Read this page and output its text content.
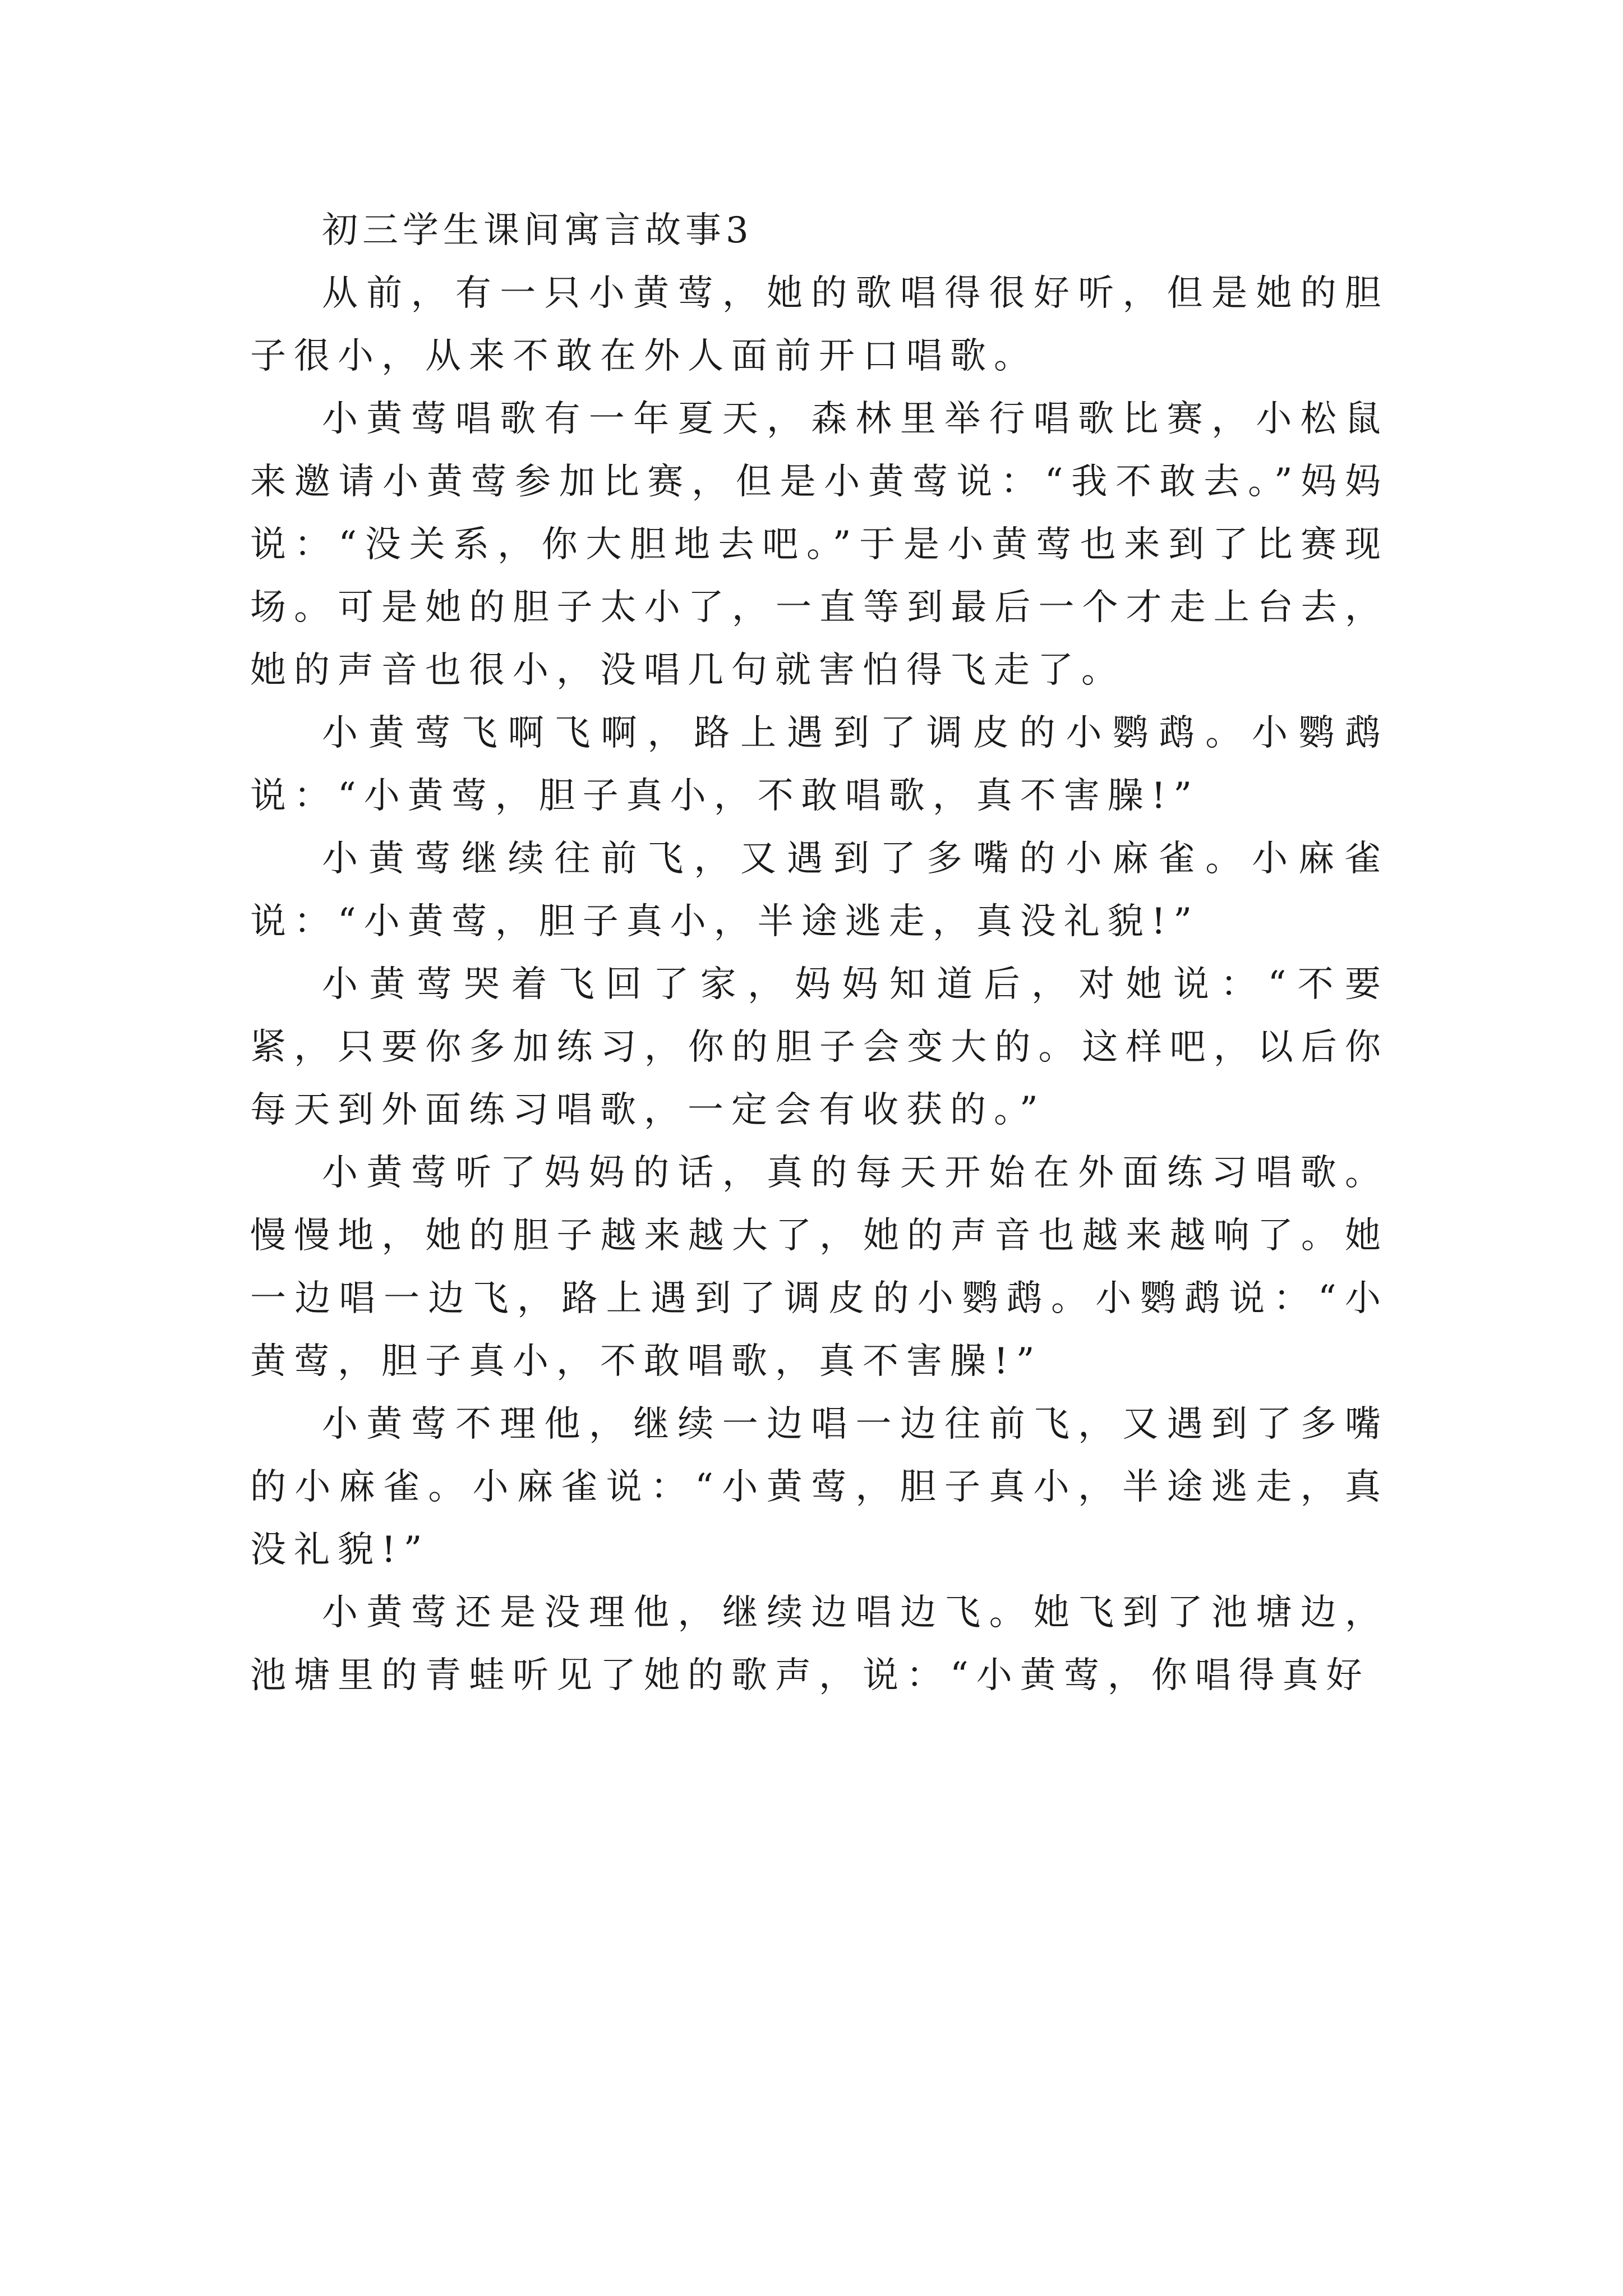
初三学生课间寓言故事3

从前，有一只小黄莺，她的歌唱得很好听，但是她的胆子很小，从来不敢在外人面前开口唱歌。

小黄莺唱歌有一年夏天，森林里举行唱歌比赛，小松鼠来邀请小黄莺参加比赛，但是小黄莺说：“我不敢去。”妈妈说：“没关系，你大胆地去吧。”于是小黄莺也来到了比赛现场。可是她的胆子太小了，一直等到最后一个才走上台去，她的声音也很小，没唱几句就害怕得飞走了。

小黄莺飞啊飞啊，路上遇到了调皮的小鹦鹉。小鹦鹉说：“小黄莺，胆子真小，不敢唱歌，真不害臊!”

小黄莺继续往前飞，又遇到了多嘴的小麻雀。小麻雀说：“小黄莺，胆子真小，半途逃走，真没礼貌!”

小黄莺哭着飞回了家，妈妈知道后，对她说：“不要紧，只要你多加练习，你的胆子会变大的。这样吧，以后你每天到外面练习唱歌，一定会有收获的。”

小黄莺听了妈妈的话，真的每天开始在外面练习唱歌。慢慢地，她的胆子越来越大了，她的声音也越来越响了。她一边唱一边飞，路上遇到了调皮的小鹦鹉。小鹦鹉说：“小黄莺，胆子真小，不敢唱歌，真不害臊!”

小黄莺不理他，继续一边唱一边往前飞，又遇到了多嘴的小麻雀。小麻雀说：“小黄莺，胆子真小，半途逃走，真没礼貌!”

小黄莺还是没理他，继续边唱边飞。她飞到了池塘边，池塘里的青蛙听见了她的歌声，说：“小黄莺，你唱得真好
